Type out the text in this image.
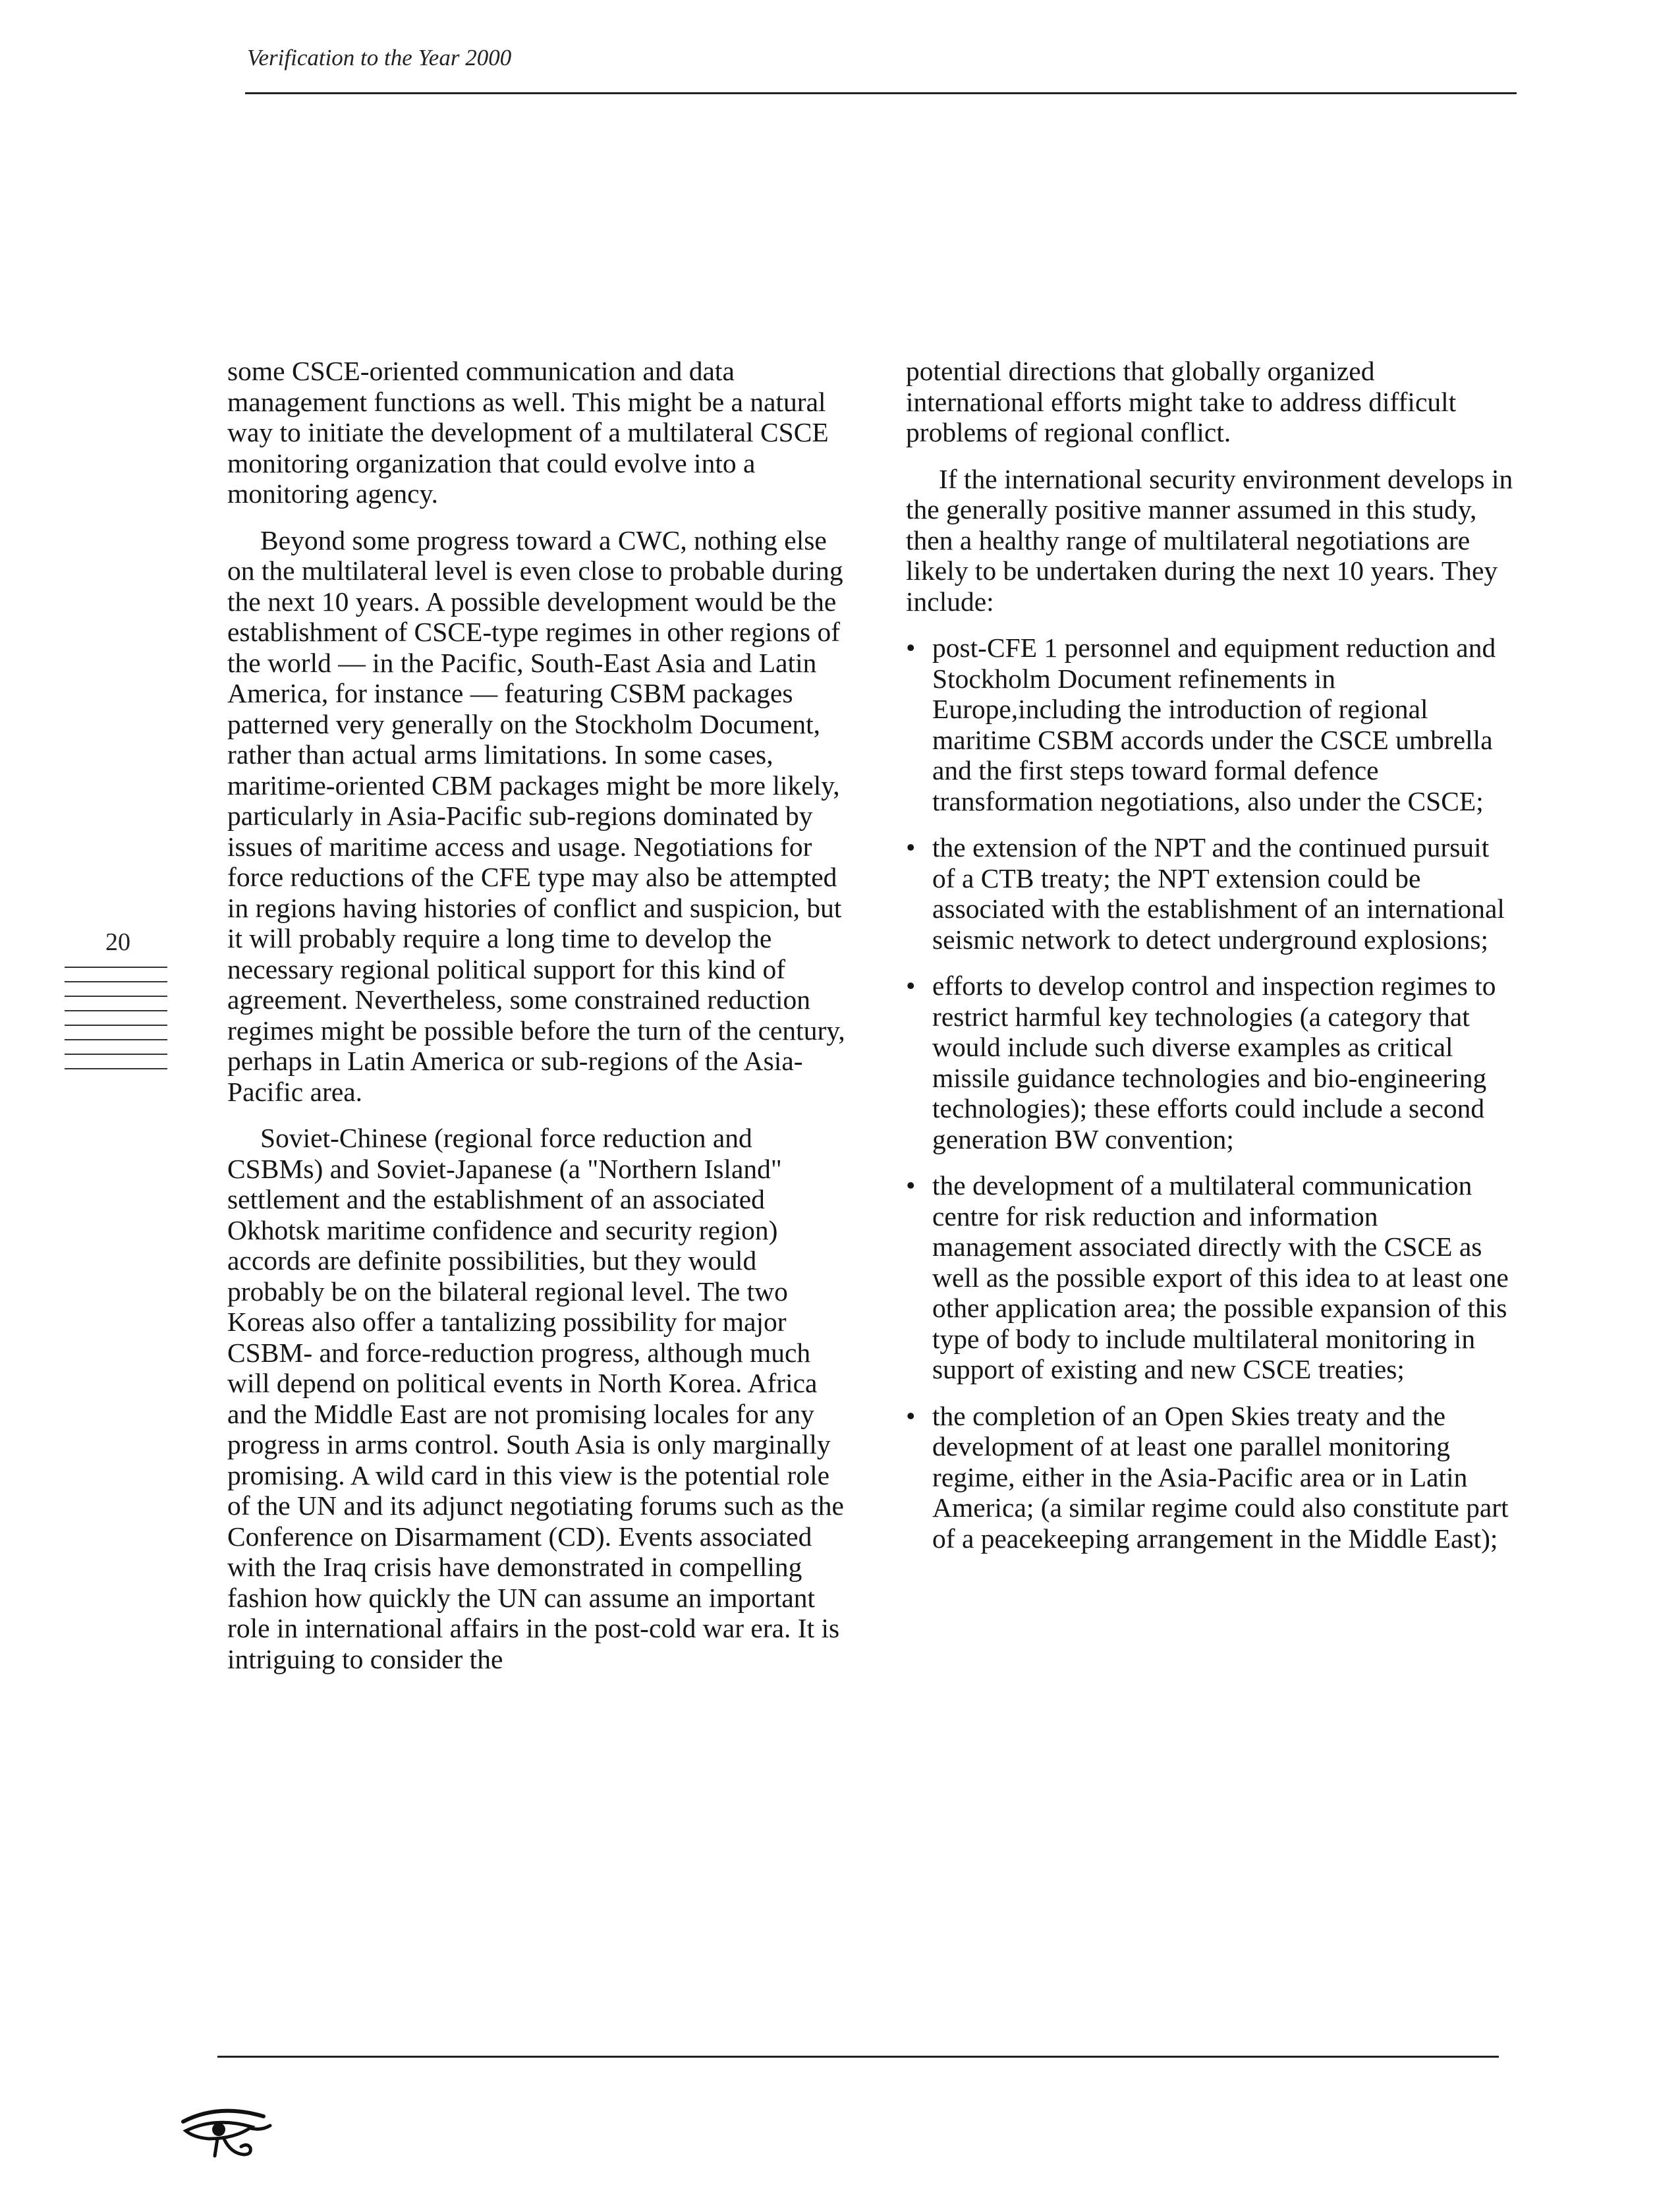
Verification to the Year 2000
20

some CSCE-oriented communication and data management functions as well. This might be a natural way to initiate the development of a multilateral CSCE monitoring organization that could evolve into a monitoring agency.

Beyond some progress toward a CWC, nothing else on the multilateral level is even close to probable during the next 10 years. A possible development would be the establishment of CSCE-type regimes in other regions of the world — in the Pacific, South-East Asia and Latin America, for instance — featuring CSBM packages patterned very generally on the Stockholm Document, rather than actual arms limitations. In some cases, maritime-oriented CBM packages might be more likely, particularly in Asia-Pacific sub-regions dominated by issues of maritime access and usage. Negotiations for force reductions of the CFE type may also be attempted in regions having histories of conflict and suspicion, but it will probably require a long time to develop the necessary regional political support for this kind of agreement. Nevertheless, some constrained reduction regimes might be possible before the turn of the century, perhaps in Latin America or sub-regions of the Asia-Pacific area.

Soviet-Chinese (regional force reduction and CSBMs) and Soviet-Japanese (a "Northern Island" settlement and the establishment of an associated Okhotsk maritime confidence and security region) accords are definite possibilities, but they would probably be on the bilateral regional level. The two Koreas also offer a tantalizing possibility for major CSBM- and force-reduction progress, although much will depend on political events in North Korea. Africa and the Middle East are not promising locales for any progress in arms control. South Asia is only marginally promising. A wild card in this view is the potential role of the UN and its adjunct negotiating forums such as the Conference on Disarmament (CD). Events associated with the Iraq crisis have demonstrated in compelling fashion how quickly the UN can assume an important role in international affairs in the post-cold war era. It is intriguing to consider the

potential directions that globally organized international efforts might take to address difficult problems of regional conflict.

If the international security environment develops in the generally positive manner assumed in this study, then a healthy range of multilateral negotiations are likely to be undertaken during the next 10 years. They include:

• post-CFE 1 personnel and equipment reduction and Stockholm Document refinements in Europe,including the introduction of regional maritime CSBM accords under the CSCE umbrella and the first steps toward formal defence transformation negotiations, also under the CSCE;
• the extension of the NPT and the continued pursuit of a CTB treaty; the NPT extension could be associated with the establishment of an international seismic network to detect underground explosions;
• efforts to develop control and inspection regimes to restrict harmful key technologies (a category that would include such diverse examples as critical missile guidance technologies and bio-engineering technologies); these efforts could include a second generation BW convention;
• the development of a multilateral communication centre for risk reduction and information management associated directly with the CSCE as well as the possible export of this idea to at least one other application area; the possible expansion of this type of body to include multilateral monitoring in support of existing and new CSCE treaties;
• the completion of an Open Skies treaty and the development of at least one parallel monitoring regime, either in the Asia-Pacific area or in Latin America; (a similar regime could also constitute part of a peacekeeping arrangement in the Middle East);
